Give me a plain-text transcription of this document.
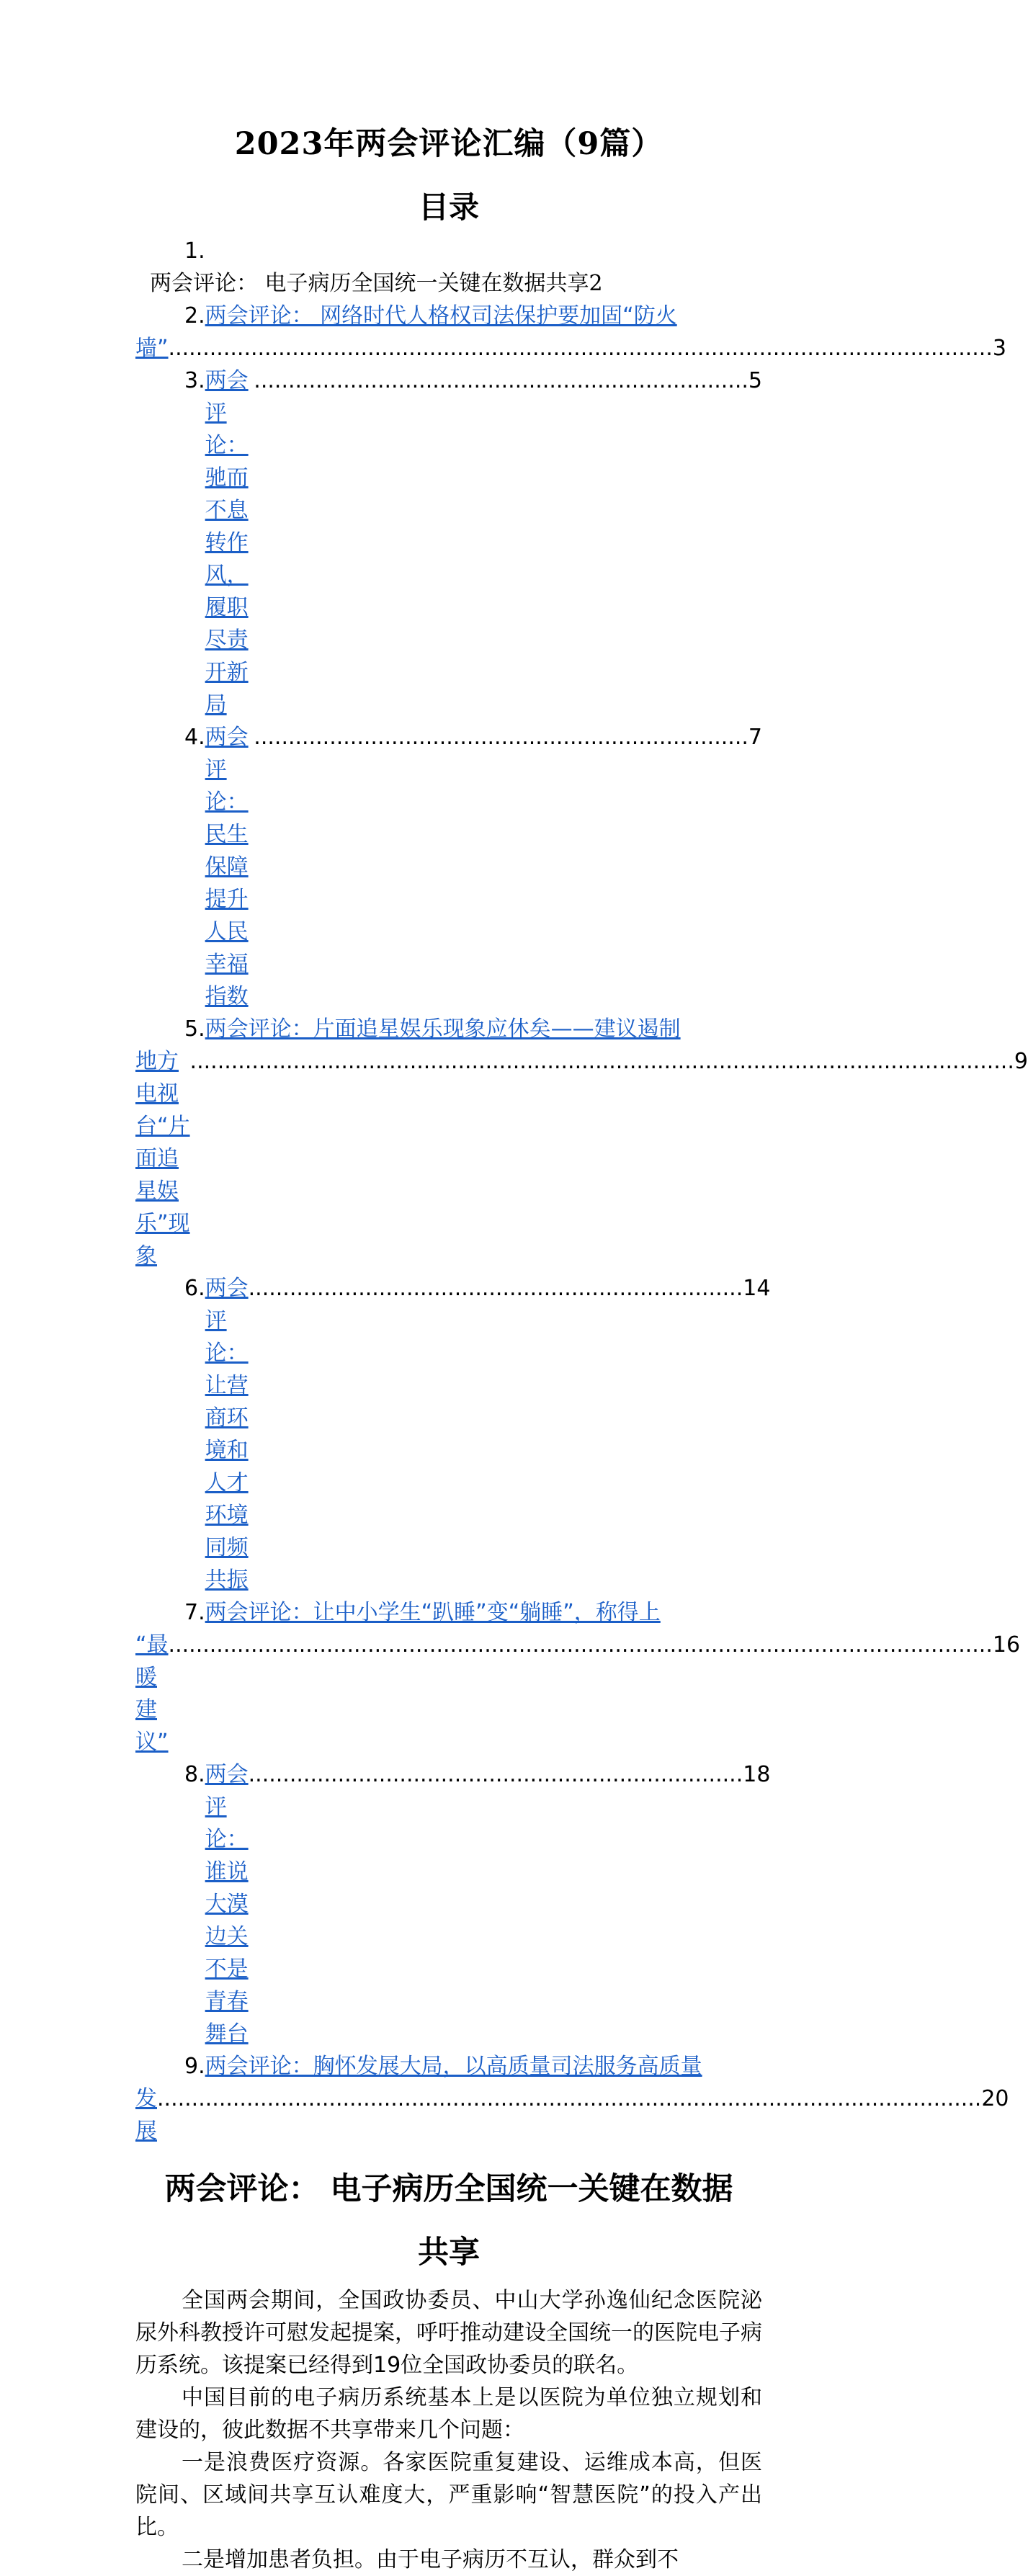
2023年两会评论汇编（9篇）
目录
1.
两会评论： 电子病历全国统一关键在数据共享2
2.两会评论： 网络时代人格权司法保护要加固“防火
墙” ........................................................................................................................ 3
3. 两会评论：驰而不息转作风，履职尽责开新局
........................................................................ 5
4. 两会评论：民生保障提升人民幸福指数
........................................................................ 7
5.两会评论：片面追星娱乐现象应休矣——建议遏制
地方电视台“片面追星娱乐”现象
........................................................................................................................ 9
6. 两会评论：让营商环境和人才环境同频共振
........................................................................ 14
7.两会评论：让中小学生“趴睡”变“躺睡”，称得上
“最暖建议”
........................................................................................................................ 16
8. 两会评论：谁说大漠边关不是青春舞台
........................................................................ 18
9.两会评论：胸怀发展大局，以高质量司法服务高质量
发展
........................................................................................................................ 20
两会评论： 电子病历全国统一关键在数据
共享

全国两会期间，全国政协委员、中山大学孙逸仙纪念医院泌尿外科教授许可慰发起提案，呼吁推动建设全国统一的医院电子病历系统。该提案已经得到19位全国政协委员的联名。

中国目前的电子病历系统基本上是以医院为单位独立规划和建设的，彼此数据不共享带来几个问题：

一是浪费医疗资源。各家医院重复建设、运维成本高，但医院间、区域间共享互认难度大，严重影响“智慧医院”的投入产出比。

二是增加患者负担。由于电子病历不互认，群众到不
